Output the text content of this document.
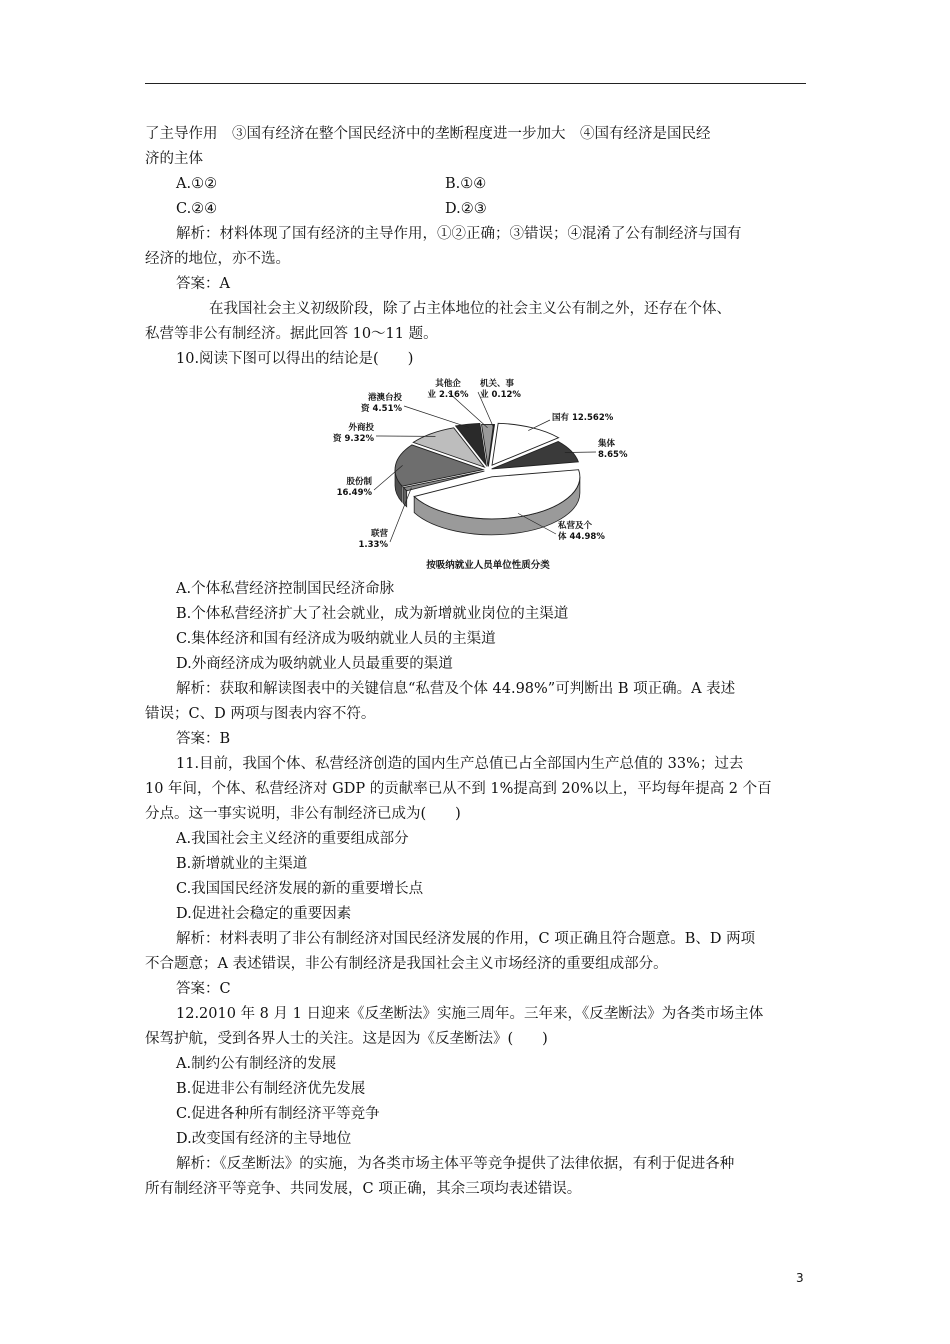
了主导作用　③国有经济在整个国民经济中的垄断程度进一步加大　④国有经济是国民经
济的主体
A.①②	B.①④
C.②④	D.②③
解析：材料体现了国有经济的主导作用，①②正确；③错误；④混淆了公有制经济与国有
经济的地位，亦不选。
答案：A
在我国社会主义初级阶段，除了占主体地位的社会主义公有制之外，还存在个体、
私营等非公有制经济。据此回答 10～11 题。
10.阅读下图可以得出的结论是(　　)
国有 12.562%
集体
8.65%
私营及个
体 44.98%
联营
1.33%
股份制
16.49%
外商投
资 9.32%
港澳台投
资 4.51%
其他企
业 2.16%
机关、事
业 0.12%
按吸纳就业人员单位性质分类
A.个体私营经济控制国民经济命脉
B.个体私营经济扩大了社会就业，成为新增就业岗位的主渠道
C.集体经济和国有经济成为吸纳就业人员的主渠道
D.外商经济成为吸纳就业人员最重要的渠道
解析：获取和解读图表中的关键信息“私营及个体 44.98%”可判断出 B 项正确。A 表述
错误；C、D 两项与图表内容不符。
答案：B
11.目前，我国个体、私营经济创造的国内生产总值已占全部国内生产总值的 33%；过去
10 年间，个体、私营经济对 GDP 的贡献率已从不到 1%提高到 20%以上，平均每年提高 2 个百
分点。这一事实说明，非公有制经济已成为(　　)
A.我国社会主义经济的重要组成部分
B.新增就业的主渠道
C.我国国民经济发展的新的重要增长点
D.促进社会稳定的重要因素
解析：材料表明了非公有制经济对国民经济发展的作用，C 项正确且符合题意。B、D 两项
不合题意；A 表述错误，非公有制经济是我国社会主义市场经济的重要组成部分。
答案：C
12.2010 年 8 月 1 日迎来《反垄断法》实施三周年。三年来，《反垄断法》为各类市场主体
保驾护航，受到各界人士的关注。这是因为《反垄断法》(　　)
A.制约公有制经济的发展
B.促进非公有制经济优先发展
C.促进各种所有制经济平等竞争
D.改变国有经济的主导地位
解析：《反垄断法》的实施，为各类市场主体平等竞争提供了法律依据，有利于促进各种
所有制经济平等竞争、共同发展，C 项正确，其余三项均表述错误。
3
